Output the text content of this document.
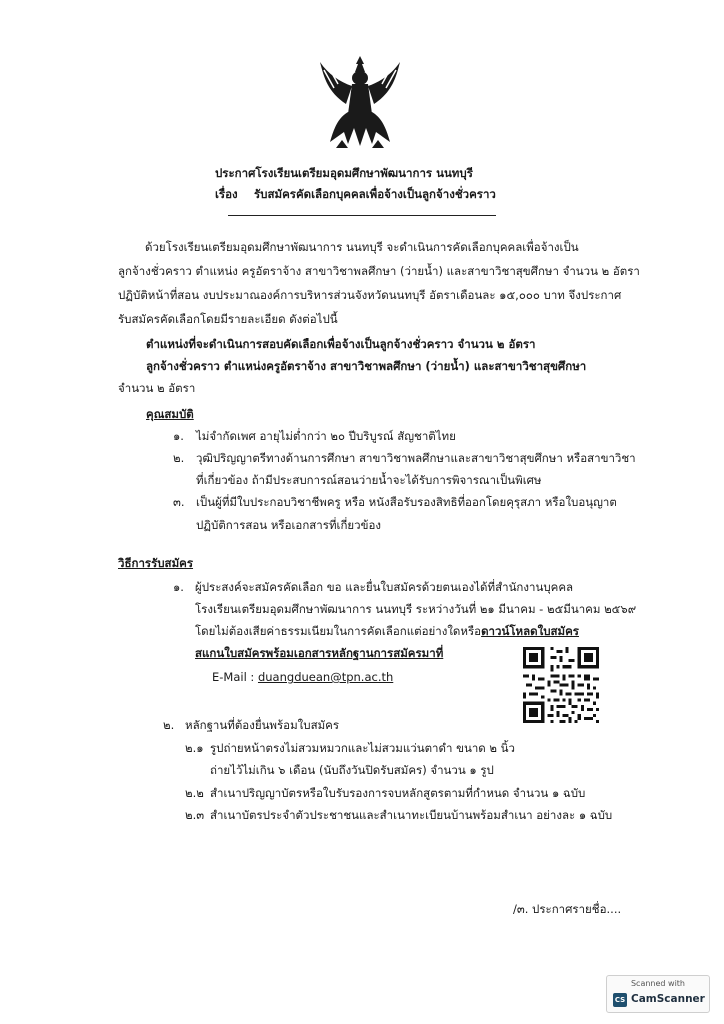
ประกาศโรงเรียนเตรียมอุดมศึกษาพัฒนาการ นนทบุรี
เรื่อง รับสมัครคัดเลือกบุคคลเพื่อจ้างเป็นลูกจ้างชั่วคราว
ด้วยโรงเรียนเตรียมอุดมศึกษาพัฒนาการ นนทบุรี จะดำเนินการคัดเลือกบุคคลเพื่อจ้างเป็น
ลูกจ้างชั่วคราว ตำแหน่ง ครูอัตราจ้าง สาขาวิชาพลศึกษา (ว่ายน้ำ) และสาขาวิชาสุขศึกษา จำนวน ๒ อัตรา
ปฏิบัติหน้าที่สอน งบประมาณองค์การบริหารส่วนจังหวัดนนทบุรี อัตราเดือนละ ๑๕,๐๐๐ บาท จึงประกาศ
รับสมัครคัดเลือกโดยมีรายละเอียด ดังต่อไปนี้
ตำแหน่งที่จะดำเนินการสอบคัดเลือกเพื่อจ้างเป็นลูกจ้างชั่วคราว จำนวน ๒ อัตรา
ลูกจ้างชั่วคราว ตำแหน่งครูอัตราจ้าง สาขาวิชาพลศึกษา (ว่ายน้ำ) และสาขาวิชาสุขศึกษา
จำนวน ๒ อัตรา
คุณสมบัติ
๑. ไม่จำกัดเพศ อายุไม่ต่ำกว่า ๒๐ ปีบริบูรณ์ สัญชาติไทย
๒. วุฒิปริญญาตรีทางด้านการศึกษา สาขาวิชาพลศึกษาและสาขาวิชาสุขศึกษา หรือสาขาวิชา
ที่เกี่ยวข้อง ถ้ามีประสบการณ์สอนว่ายน้ำจะได้รับการพิจารณาเป็นพิเศษ
๓. เป็นผู้ที่มีใบประกอบวิชาชีพครู หรือ หนังสือรับรองสิทธิที่ออกโดยคุรุสภา หรือใบอนุญาต
ปฏิบัติการสอน หรือเอกสารที่เกี่ยวข้อง
วิธีการรับสมัคร
๑. ผู้ประสงค์จะสมัครคัดเลือก ขอ และยื่นใบสมัครด้วยตนเองได้ที่สำนักงานบุคคล
โรงเรียนเตรียมอุดมศึกษาพัฒนาการ นนทบุรี ระหว่างวันที่ ๒๑ มีนาคม - ๒๕มีนาคม ๒๕๖๙
โดยไม่ต้องเสียค่าธรรมเนียมในการคัดเลือกแต่อย่างใดหรือดาวน์โหลดใบสมัคร
สแกนใบสมัครพร้อมเอกสารหลักฐานการสมัครมาที่
E-Mail : duangduean@tpn.ac.th
๒. หลักฐานที่ต้องยื่นพร้อมใบสมัคร
๒.๑ รูปถ่ายหน้าตรงไม่สวมหมวกและไม่สวมแว่นตาดำ ขนาด ๒ นิ้ว
ถ่ายไว้ไม่เกิน ๖ เดือน (นับถึงวันปิดรับสมัคร) จำนวน ๑ รูป
๒.๒ สำเนาปริญญาบัตรหรือใบรับรองการจบหลักสูตรตามที่กำหนด จำนวน ๑ ฉบับ
๒.๓ สำเนาบัตรประจำตัวประชาชนและสำเนาทะเบียนบ้านพร้อมสำเนา อย่างละ ๑ ฉบับ
/๓. ประกาศรายชื่อ....
Scanned with
CS CamScanner
